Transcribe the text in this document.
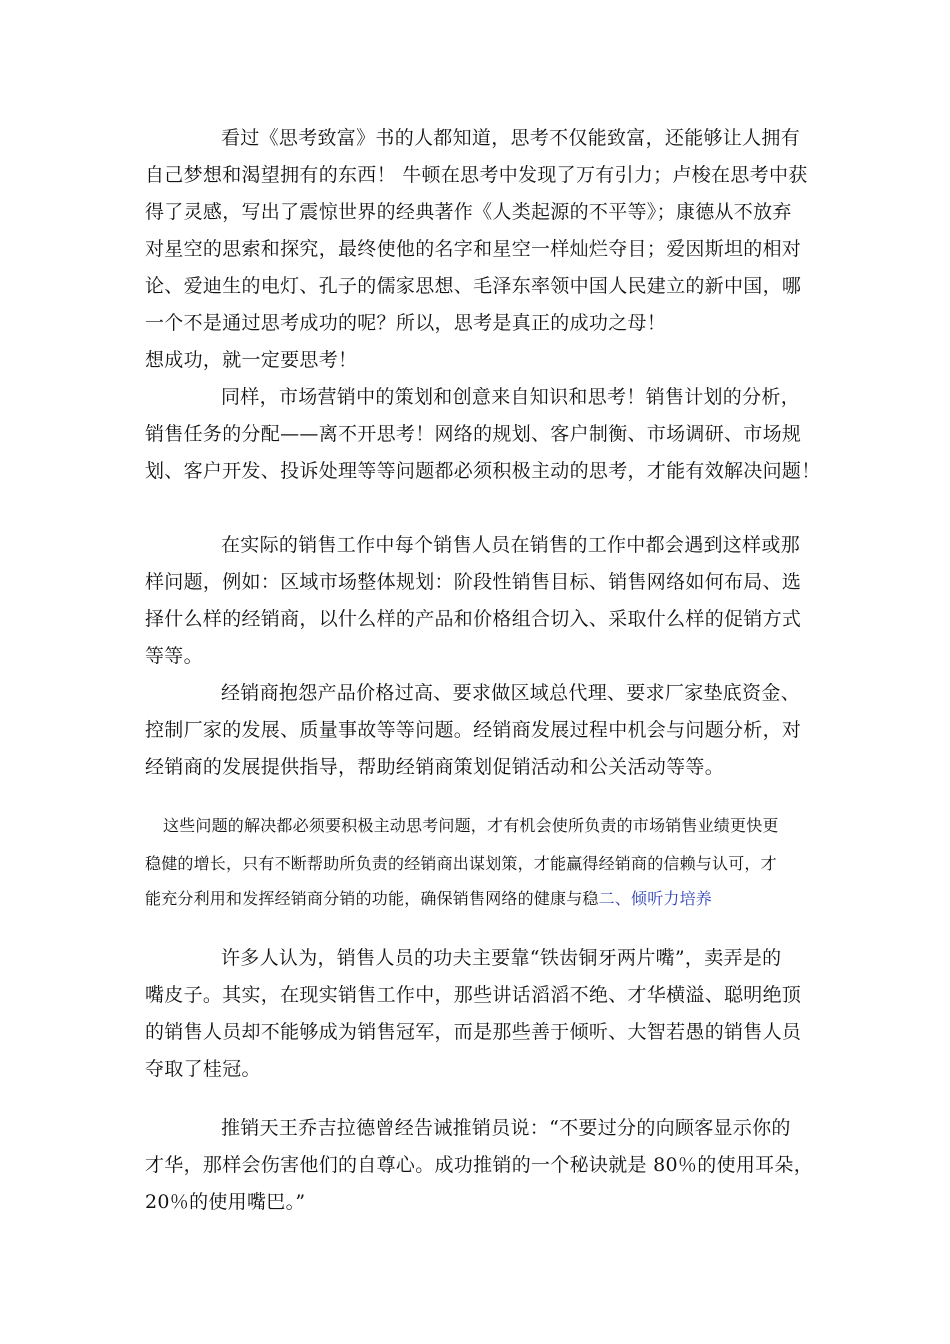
看过《思考致富》书的人都知道，思考不仅能致富，还能够让人拥有
自己梦想和渴望拥有的东西！ 牛顿在思考中发现了万有引力；卢梭在思考中获
得了灵感，写出了震惊世界的经典著作《人类起源的不平等》；康德从不放弃
对星空的思索和探究，最终使他的名字和星空一样灿烂夺目；爱因斯坦的相对
论、爱迪生的电灯、孔子的儒家思想、毛泽东率领中国人民建立的新中国，哪
一个不是通过思考成功的呢？所以，思考是真正的成功之母！
想成功，就一定要思考！
同样，市场营销中的策划和创意来自知识和思考！销售计划的分析，
销售任务的分配——离不开思考！网络的规划、客户制衡、市场调研、市场规
划、客户开发、投诉处理等等问题都必须积极主动的思考，才能有效解决问题！
在实际的销售工作中每个销售人员在销售的工作中都会遇到这样或那
样问题，例如：区域市场整体规划：阶段性销售目标、销售网络如何布局、选
择什么样的经销商，以什么样的产品和价格组合切入、采取什么样的促销方式
等等。
经销商抱怨产品价格过高、要求做区域总代理、要求厂家垫底资金、
控制厂家的发展、质量事故等等问题。经销商发展过程中机会与问题分析，对
经销商的发展提供指导，帮助经销商策划促销活动和公关活动等等。
这些问题的解决都必须要积极主动思考问题，才有机会使所负责的市场销售业绩更快更
稳健的增长，只有不断帮助所负责的经销商出谋划策，才能赢得经销商的信赖与认可，才
能充分利用和发挥经销商分销的功能，确保销售网络的健康与稳二、倾听力培养
许多人认为，销售人员的功夫主要靠“铁齿铜牙两片嘴”，卖弄是的
嘴皮子。其实，在现实销售工作中，那些讲话滔滔不绝、才华横溢、聪明绝顶
的销售人员却不能够成为销售冠军，而是那些善于倾听、大智若愚的销售人员
夺取了桂冠。
推销天王乔吉拉德曾经告诫推销员说：“不要过分的向顾客显示你的
才华，那样会伤害他们的自尊心。成功推销的一个秘诀就是 80％的使用耳朵，
20％的使用嘴巴。”
